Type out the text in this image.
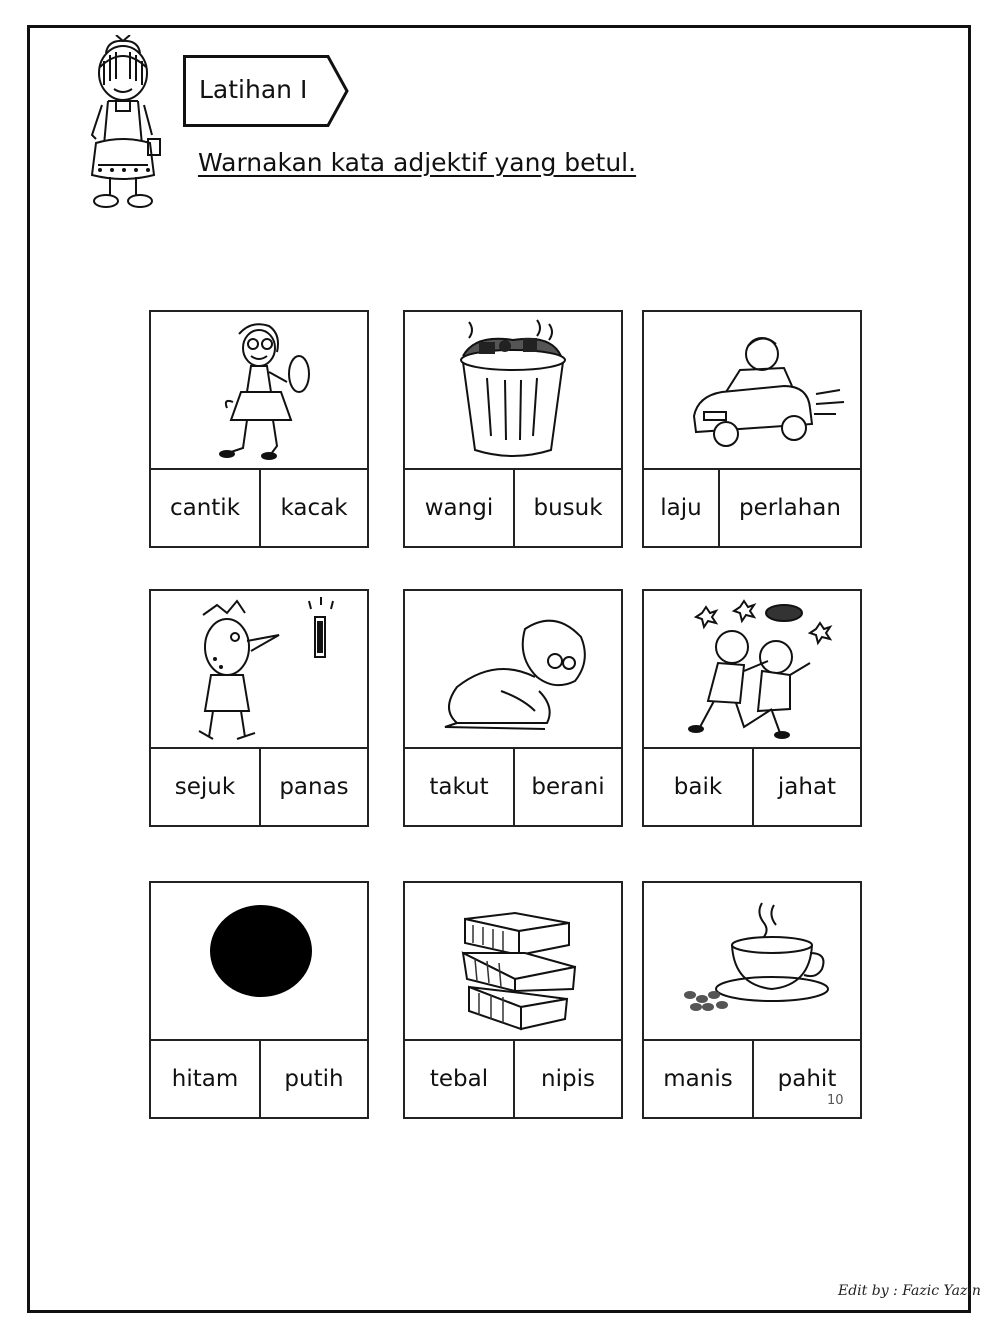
Latihan I
Warnakan kata adjektif yang betul.
cantik	kacak	wangi	busuk	laju	perlahan
sejuk	panas	takut	berani	baik	jahat
hitam	putih	tebal	nipis	manis	pahit
10
Edit by : Fazic Yazin
